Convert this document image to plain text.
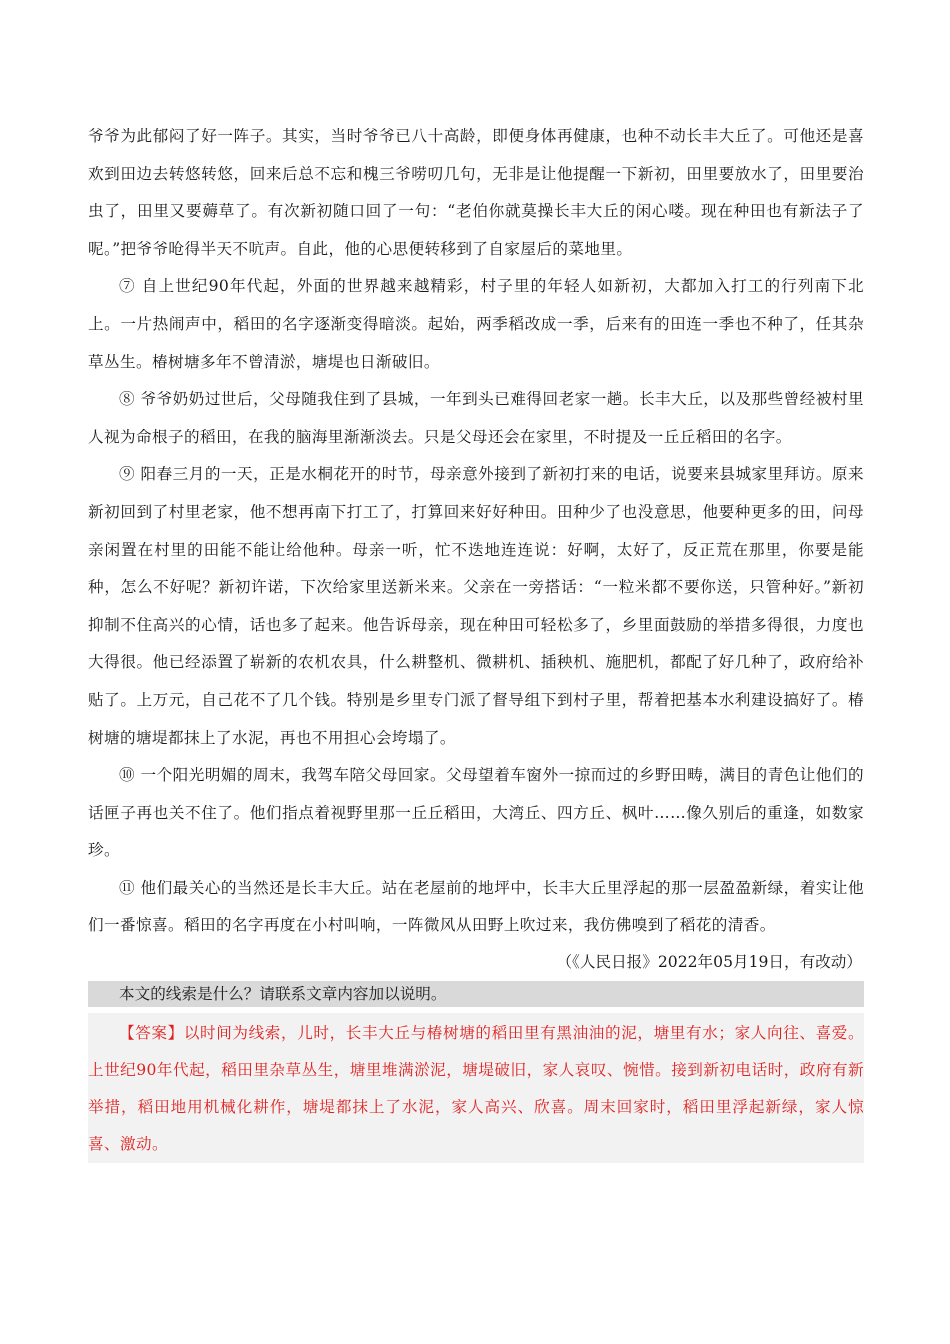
爷爷为此郁闷了好一阵子。其实，当时爷爷已八十高龄，即便身体再健康，也种不动长丰大丘了。可他还是喜欢到田边去转悠转悠，回来后总不忘和槐三爷唠叨几句，无非是让他提醒一下新初，田里要放水了，田里要治虫了，田里又要薅草了。有次新初随口回了一句：“老伯你就莫操长丰大丘的闲心喽。现在种田也有新法子了呢。”把爷爷呛得半天不吭声。自此，他的心思便转移到了自家屋后的菜地里。

⑦ 自上世纪90年代起，外面的世界越来越精彩，村子里的年轻人如新初，大都加入打工的行列南下北上。一片热闹声中，稻田的名字逐渐变得暗淡。起始，两季稻改成一季，后来有的田连一季也不种了，任其杂草丛生。椿树塘多年不曾清淤，塘堤也日渐破旧。

⑧ 爷爷奶奶过世后，父母随我住到了县城，一年到头已难得回老家一趟。长丰大丘，以及那些曾经被村里人视为命根子的稻田，在我的脑海里渐渐淡去。只是父母还会在家里，不时提及一丘丘稻田的名字。

⑨ 阳春三月的一天，正是水桐花开的时节，母亲意外接到了新初打来的电话，说要来县城家里拜访。原来新初回到了村里老家，他不想再南下打工了，打算回来好好种田。田种少了也没意思，他要种更多的田，问母亲闲置在村里的田能不能让给他种。母亲一听，忙不迭地连连说：好啊，太好了，反正荒在那里，你要是能种，怎么不好呢？新初许诺，下次给家里送新米来。父亲在一旁搭话：“一粒米都不要你送，只管种好。”新初抑制不住高兴的心情，话也多了起来。他告诉母亲，现在种田可轻松多了，乡里面鼓励的举措多得很，力度也大得很。他已经添置了崭新的农机农具，什么耕整机、微耕机、插秧机、施肥机，都配了好几种了，政府给补贴了。上万元，自己花不了几个钱。特别是乡里专门派了督导组下到村子里，帮着把基本水利建设搞好了。椿树塘的塘堤都抹上了水泥，再也不用担心会垮塌了。

⑩ 一个阳光明媚的周末，我驾车陪父母回家。父母望着车窗外一掠而过的乡野田畴，满目的青色让他们的话匣子再也关不住了。他们指点着视野里那一丘丘稻田，大湾丘、四方丘、枫叶……像久别后的重逢，如数家珍。

⑪ 他们最关心的当然还是长丰大丘。站在老屋前的地坪中，长丰大丘里浮起的那一层盈盈新绿，着实让他们一番惊喜。稻田的名字再度在小村叫响，一阵微风从田野上吹过来，我仿佛嗅到了稻花的清香。

（《人民日报》2022年05月19日，有改动）

本文的线索是什么？请联系文章内容加以说明。
【答案】以时间为线索，儿时，长丰大丘与椿树塘的稻田里有黑油油的泥，塘里有水；家人向往、喜爱。上世纪90年代起，稻田里杂草丛生，塘里堆满淤泥，塘堤破旧，家人哀叹、惋惜。接到新初电话时，政府有新举措，稻田地用机械化耕作，塘堤都抹上了水泥，家人高兴、欣喜。周末回家时，稻田里浮起新绿，家人惊喜、激动。
